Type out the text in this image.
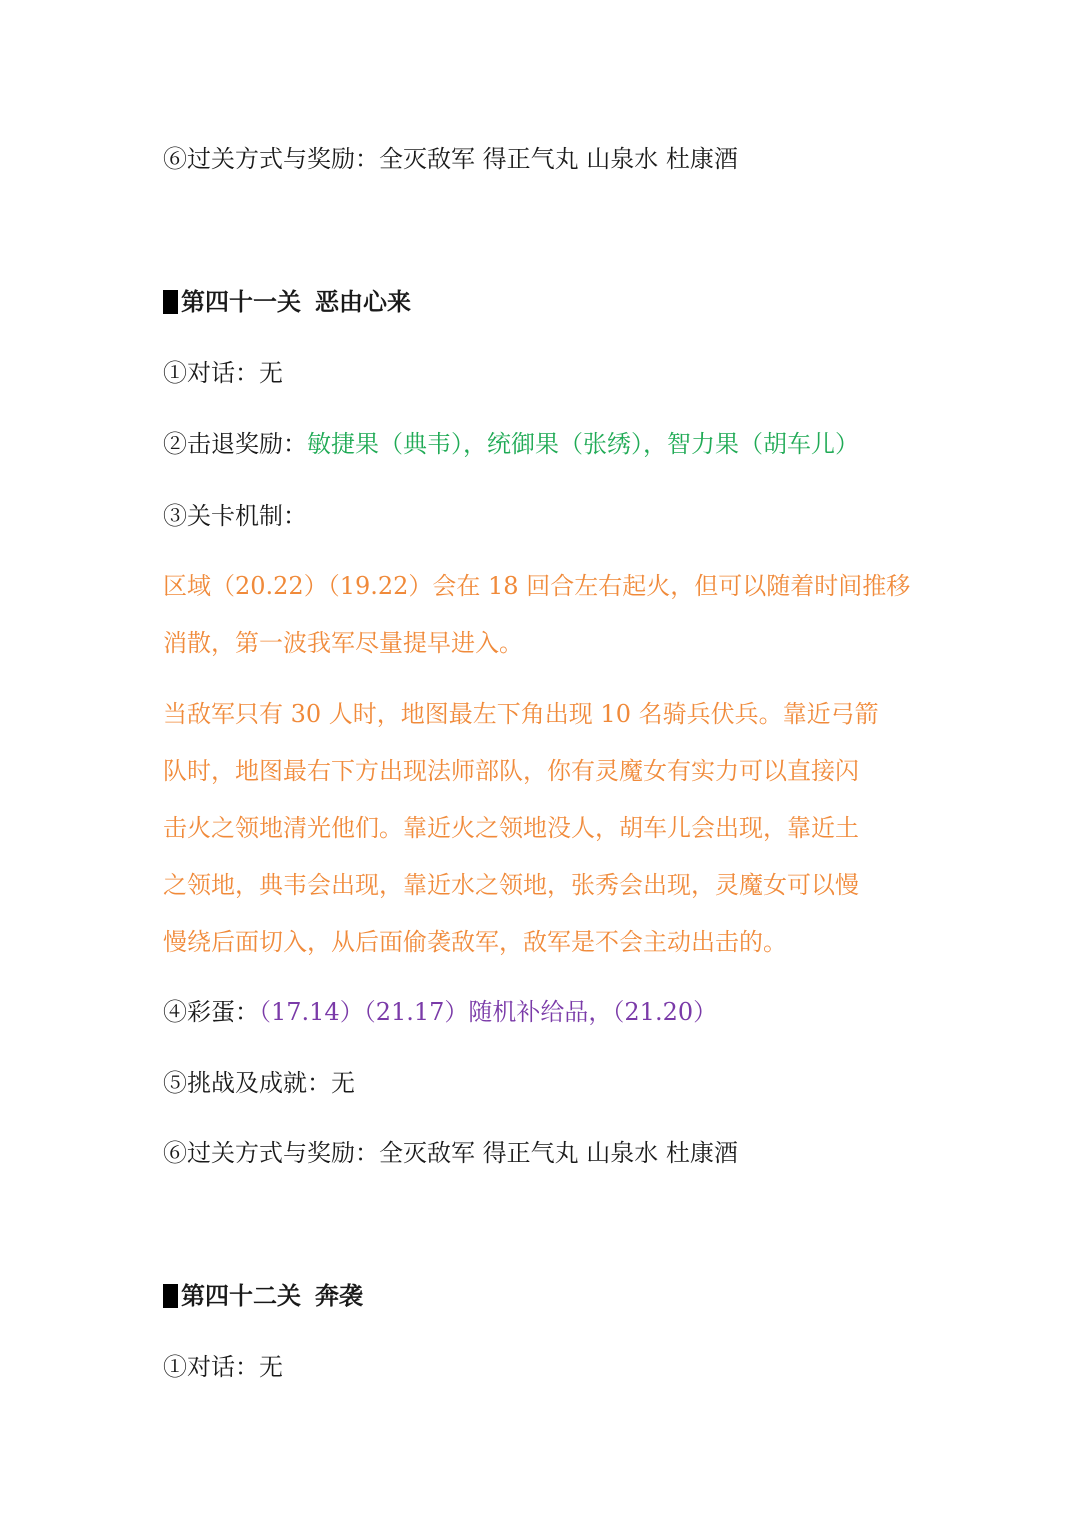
⑥过关方式与奖励：全灭敌军 得正气丸 山泉水 杜康酒
第四十一关 恶由心来
①对话：无
②击退奖励：敏捷果（典韦），统御果（张绣），智力果（胡车儿）
③关卡机制：
区域（20.22）（19.22）会在 18 回合左右起火，但可以随着时间推移
消散，第一波我军尽量提早进入。
当敌军只有 30 人时，地图最左下角出现 10 名骑兵伏兵。靠近弓箭
队时，地图最右下方出现法师部队，你有灵魔女有实力可以直接闪
击火之领地清光他们。靠近火之领地没人，胡车儿会出现，靠近土
之领地，典韦会出现，靠近水之领地，张秀会出现，灵魔女可以慢
慢绕后面切入，从后面偷袭敌军，敌军是不会主动出击的。
④彩蛋：（17.14）（21.17）随机补给品，（21.20）
⑤挑战及成就：无
⑥过关方式与奖励：全灭敌军 得正气丸 山泉水 杜康酒
第四十二关 奔袭
①对话：无
